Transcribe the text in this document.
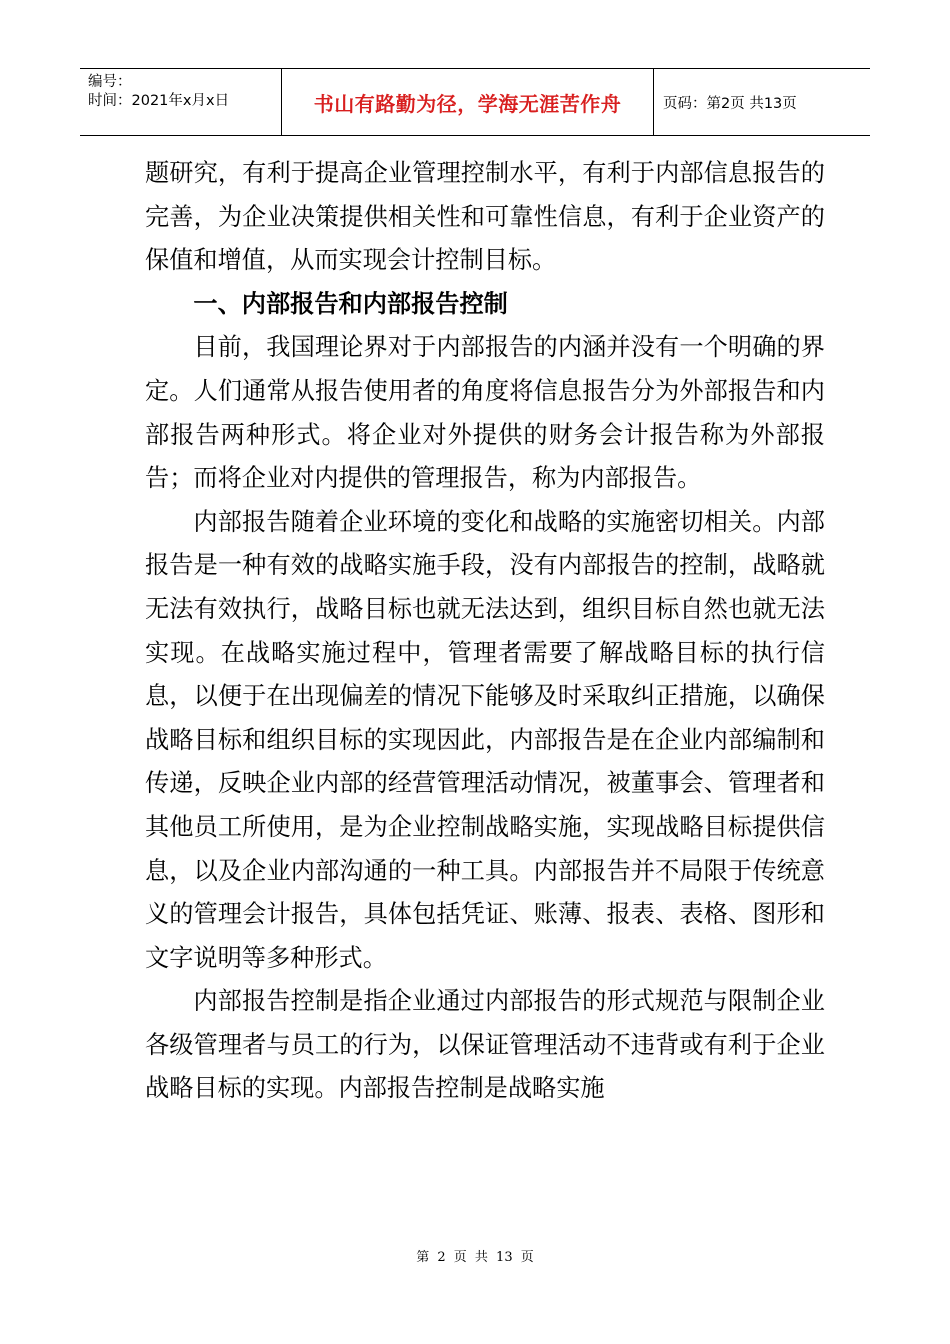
编号：
时间：2021年x月x日	书山有路勤为径，学海无涯苦作舟	页码：第2页 共13页

题研究，有利于提高企业管理控制水平，有利于内部信息报告的完善，为企业决策提供相关性和可靠性信息，有利于企业资产的保值和增值，从而实现会计控制目标。

一、内部报告和内部报告控制

目前，我国理论界对于内部报告的内涵并没有一个明确的界定。人们通常从报告使用者的角度将信息报告分为外部报告和内部报告两种形式。将企业对外提供的财务会计报告称为外部报告；而将企业对内提供的管理报告，称为内部报告。

内部报告随着企业环境的变化和战略的实施密切相关。内部报告是一种有效的战略实施手段，没有内部报告的控制，战略就无法有效执行，战略目标也就无法达到，组织目标自然也就无法实现。在战略实施过程中，管理者需要了解战略目标的执行信息，以便于在出现偏差的情况下能够及时采取纠正措施，以确保战略目标和组织目标的实现因此，内部报告是在企业内部编制和传递，反映企业内部的经营管理活动情况，被董事会、管理者和其他员工所使用，是为企业控制战略实施，实现战略目标提供信息，以及企业内部沟通的一种工具。内部报告并不局限于传统意义的管理会计报告，具体包括凭证、账薄、报表、表格、图形和文字说明等多种形式。

内部报告控制是指企业通过内部报告的形式规范与限制企业各级管理者与员工的行为，以保证管理活动不违背或有利于企业战略目标的实现。内部报告控制是战略实施

第 2 页 共 13 页
